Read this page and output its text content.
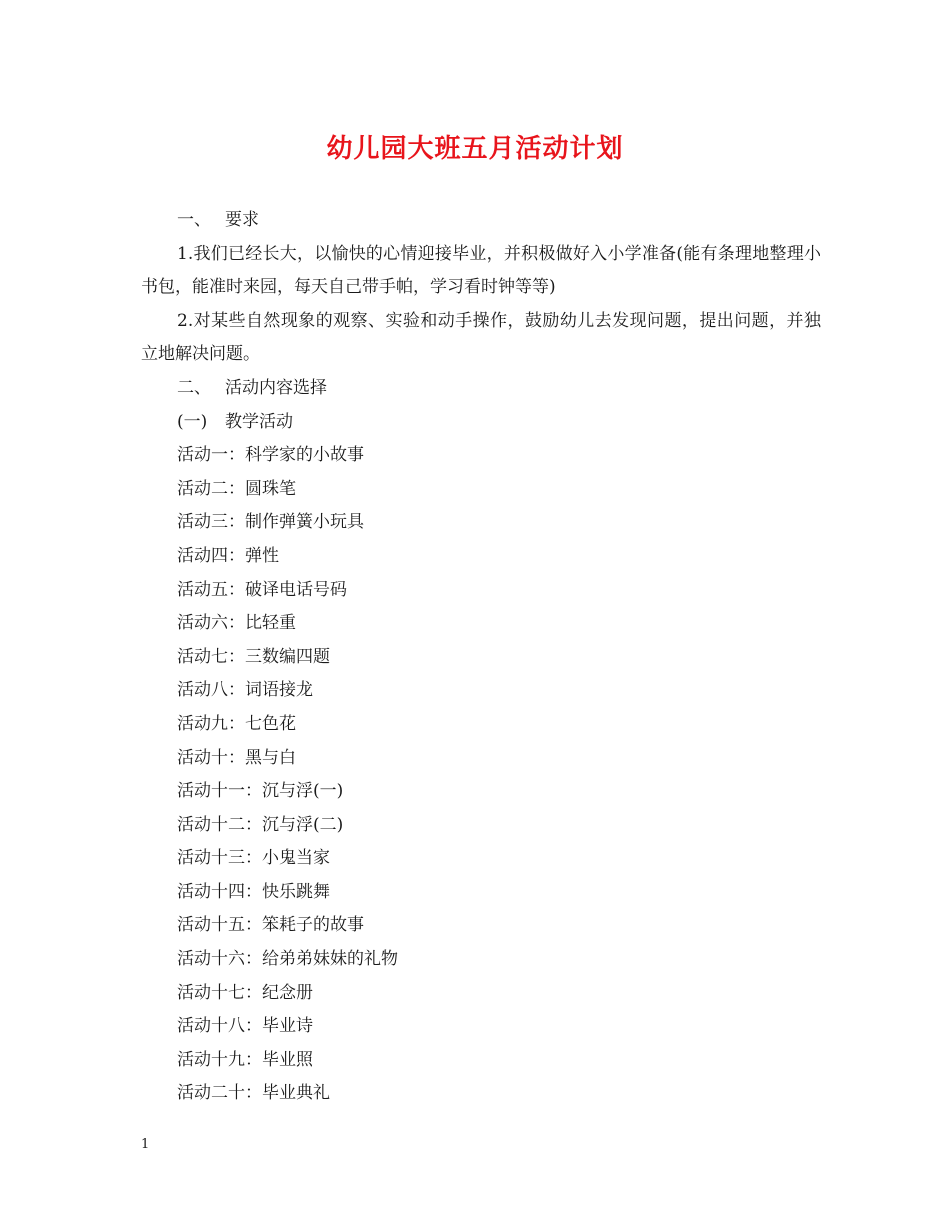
幼儿园大班五月活动计划

一、 要求

1.我们已经长大，以愉快的心情迎接毕业，并积极做好入小学准备(能有条理地整理小书包，能准时来园，每天自己带手帕，学习看时钟等等)

2.对某些自然现象的观察、实验和动手操作，鼓励幼儿去发现问题，提出问题，并独立地解决问题。

二、 活动内容选择

(一) 教学活动

活动一：科学家的小故事

活动二：圆珠笔

活动三：制作弹簧小玩具

活动四：弹性

活动五：破译电话号码

活动六：比轻重

活动七：三数编四题

活动八：词语接龙

活动九：七色花

活动十：黑与白

活动十一：沉与浮(一)

活动十二：沉与浮(二)

活动十三：小鬼当家

活动十四：快乐跳舞

活动十五：笨耗子的故事

活动十六：给弟弟妹妹的礼物

活动十七：纪念册

活动十八：毕业诗

活动十九：毕业照

活动二十：毕业典礼

1
